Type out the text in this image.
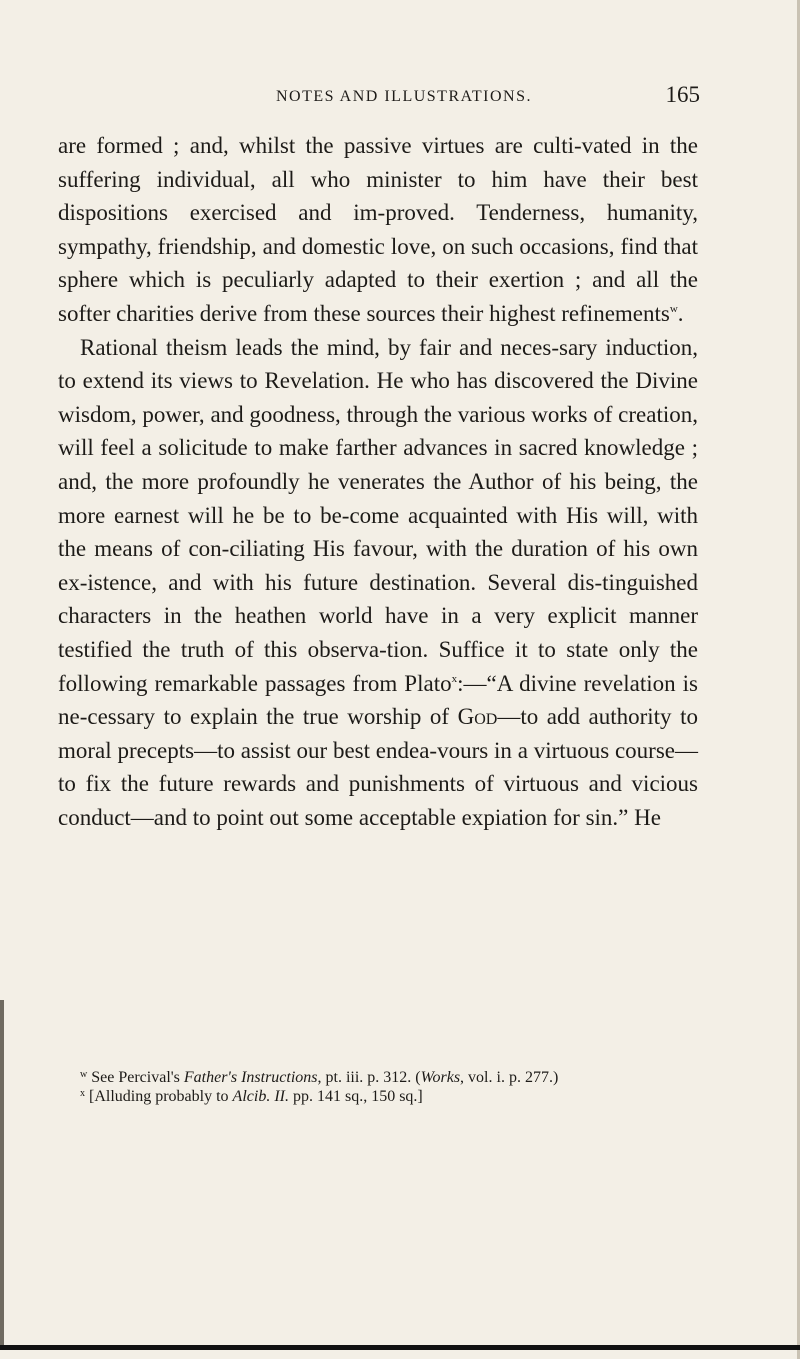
NOTES AND ILLUSTRATIONS.	165

are formed ; and, whilst the passive virtues are culti-vated in the suffering individual, all who minister to him have their best dispositions exercised and im-proved. Tenderness, humanity, sympathy, friendship, and domestic love, on such occasions, find that sphere which is peculiarly adapted to their exertion ; and all the softer charities derive from these sources their highest refinements$^w$.

Rational theism leads the mind, by fair and neces-sary induction, to extend its views to Revelation. He who has discovered the Divine wisdom, power, and goodness, through the various works of creation, will feel a solicitude to make farther advances in sacred knowledge ; and, the more profoundly he venerates the Author of his being, the more earnest will he be to be-come acquainted with His will, with the means of con-ciliating His favour, with the duration of his own ex-istence, and with his future destination. Several dis-tinguished characters in the heathen world have in a very explicit manner testified the truth of this observa-tion. Suffice it to state only the following remarkable passages from Plato$^x$:—“A divine revelation is ne-cessary to explain the true worship of God—to add authority to moral precepts—to assist our best endea-vours in a virtuous course—to fix the future rewards and punishments of virtuous and vicious conduct—and to point out some acceptable expiation for sin.” He

$^w$ See Percival's Father's Instructions, pt. iii. p. 312. (Works, vol. i. p. 277.)

$^x$ [Alluding probably to Alcib. II. pp. 141 sq., 150 sq.]
